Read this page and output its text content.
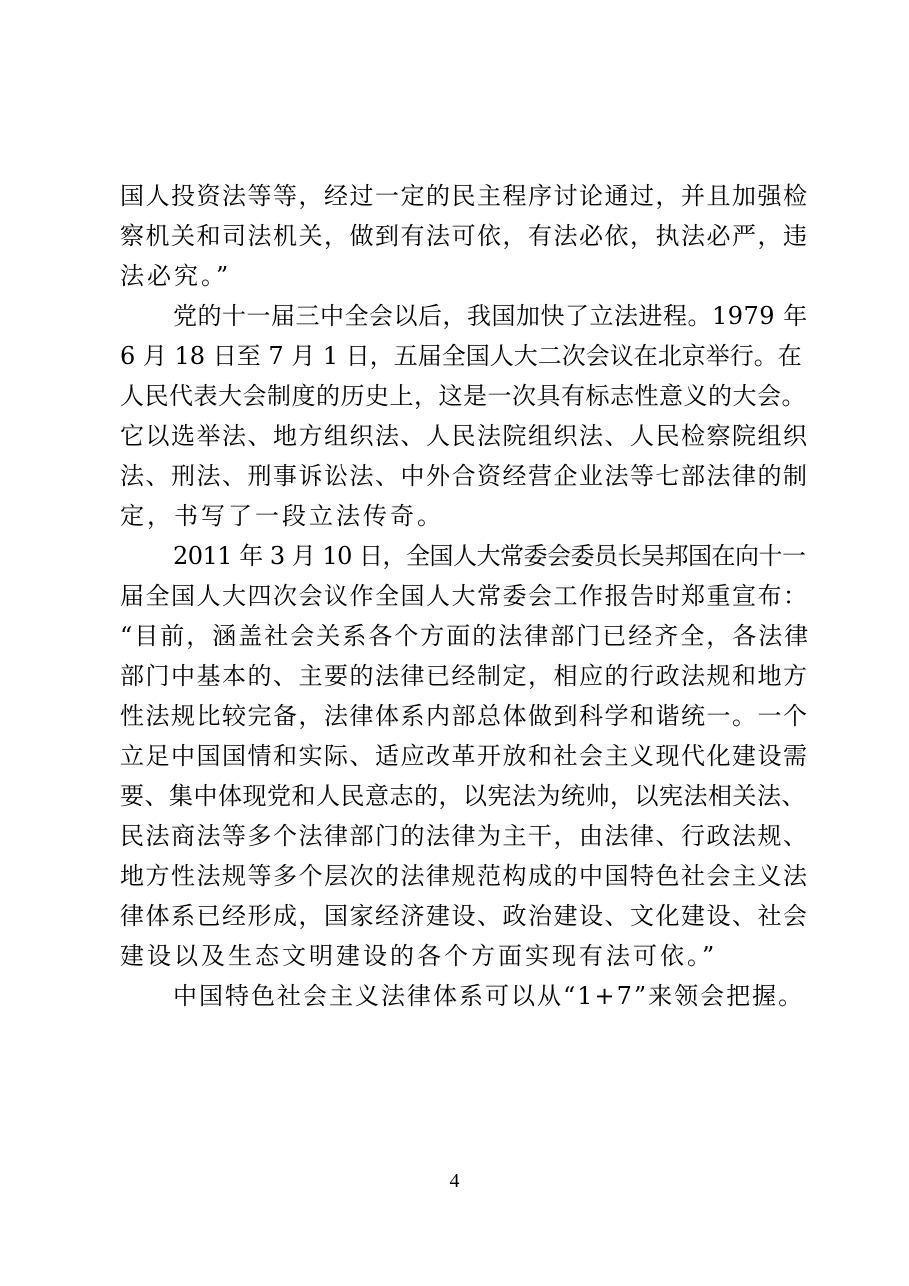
国人投资法等等，经过一定的民主程序讨论通过，并且加强检
察机关和司法机关，做到有法可依，有法必依，执法必严，违
法必究。”
党的十一届三中全会以后，我国加快了立法进程。1979 年
6 月 18 日至 7 月 1 日，五届全国人大二次会议在北京举行。在
人民代表大会制度的历史上，这是一次具有标志性意义的大会。
它以选举法、地方组织法、人民法院组织法、人民检察院组织
法、刑法、刑事诉讼法、中外合资经营企业法等七部法律的制
定，书写了一段立法传奇。
2011 年 3 月 10 日，全国人大常委会委员长吴邦国在向十一
届全国人大四次会议作全国人大常委会工作报告时郑重宣布：
“目前，涵盖社会关系各个方面的法律部门已经齐全，各法律
部门中基本的、主要的法律已经制定，相应的行政法规和地方
性法规比较完备，法律体系内部总体做到科学和谐统一。一个
立足中国国情和实际、适应改革开放和社会主义现代化建设需
要、集中体现党和人民意志的，以宪法为统帅，以宪法相关法、
民法商法等多个法律部门的法律为主干，由法律、行政法规、
地方性法规等多个层次的法律规范构成的中国特色社会主义法
律体系已经形成，国家经济建设、政治建设、文化建设、社会
建设以及生态文明建设的各个方面实现有法可依。”
中国特色社会主义法律体系可以从“1+7”来领会把握。
4
